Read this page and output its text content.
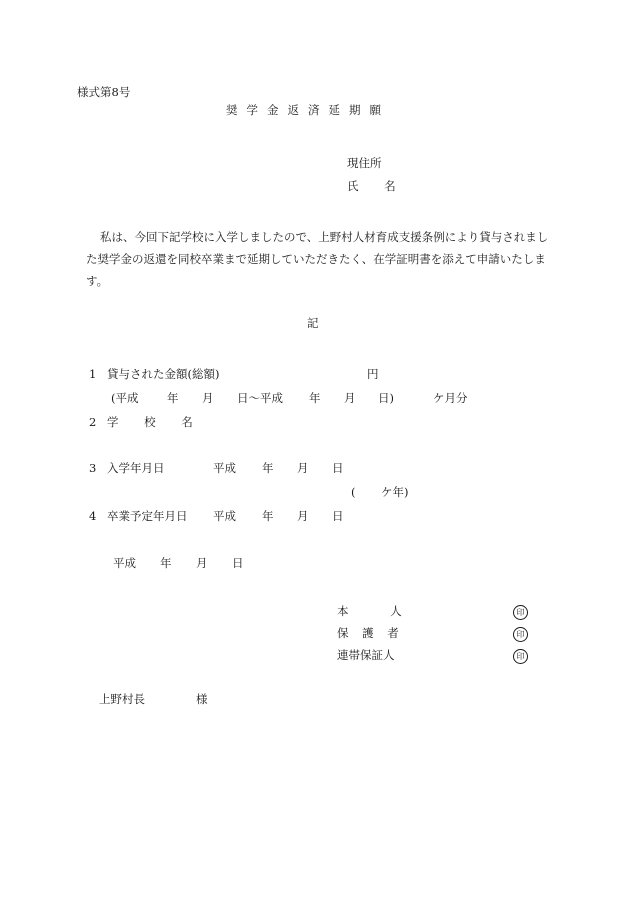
様式第8号
奨学金返済延期願
現住所
氏 名
私は、今回下記学校に入学しましたので、上野村人材育成支援条例により貸与されました奨学金の返還を同校卒業まで延期していただきたく、在学証明書を添えて申請いたします。
記
1 貸与された金額(総額)	円
(平成 年 月 日～平成 年 月 日)	ケ月分
2 学 校 名
3 入学年月日	平成 年 月 日
( ケ年)
4 卒業予定年月日 平成 年 月 日
平成 年 月 日
本 人	印
保 護 者	印
連帯保証人	印
上野村長	様
